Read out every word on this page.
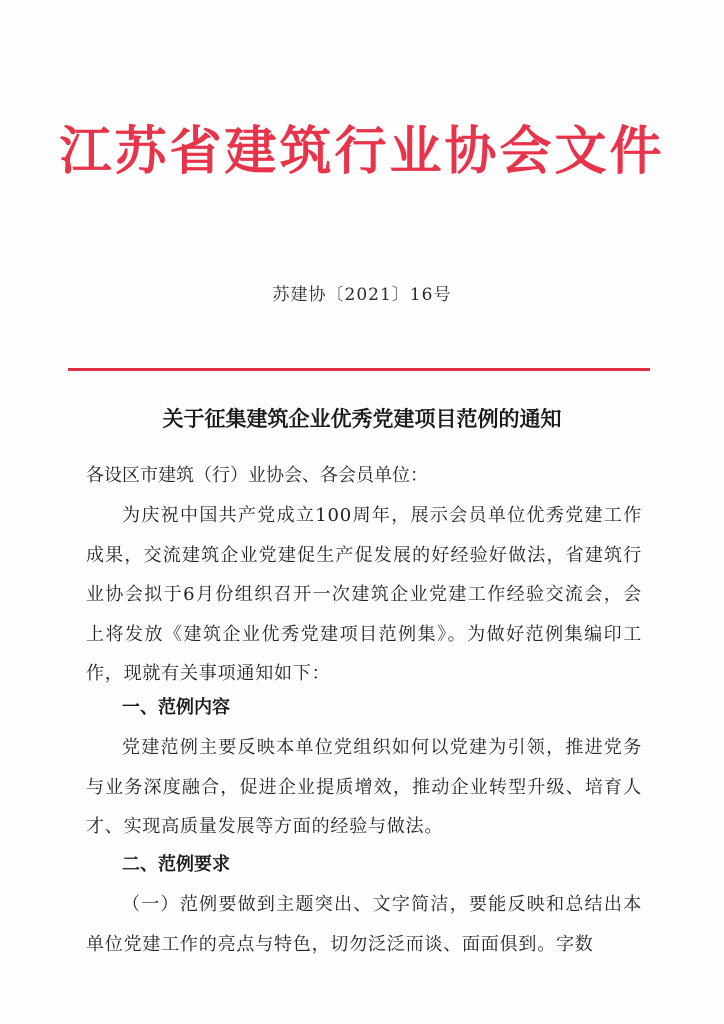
江苏省建筑行业协会文件
苏建协〔2021〕16号
关于征集建筑企业优秀党建项目范例的通知
各设区市建筑（行）业协会、各会员单位：
为庆祝中国共产党成立100周年，展示会员单位优秀党建工作成果，交流建筑企业党建促生产促发展的好经验好做法，省建筑行业协会拟于6月份组织召开一次建筑企业党建工作经验交流会，会上将发放《建筑企业优秀党建项目范例集》。为做好范例集编印工作，现就有关事项通知如下：
一、范例内容
党建范例主要反映本单位党组织如何以党建为引领，推进党务与业务深度融合，促进企业提质增效，推动企业转型升级、培育人才、实现高质量发展等方面的经验与做法。
二、范例要求
（一）范例要做到主题突出、文字简洁，要能反映和总结出本单位党建工作的亮点与特色，切勿泛泛而谈、面面俱到。字数
